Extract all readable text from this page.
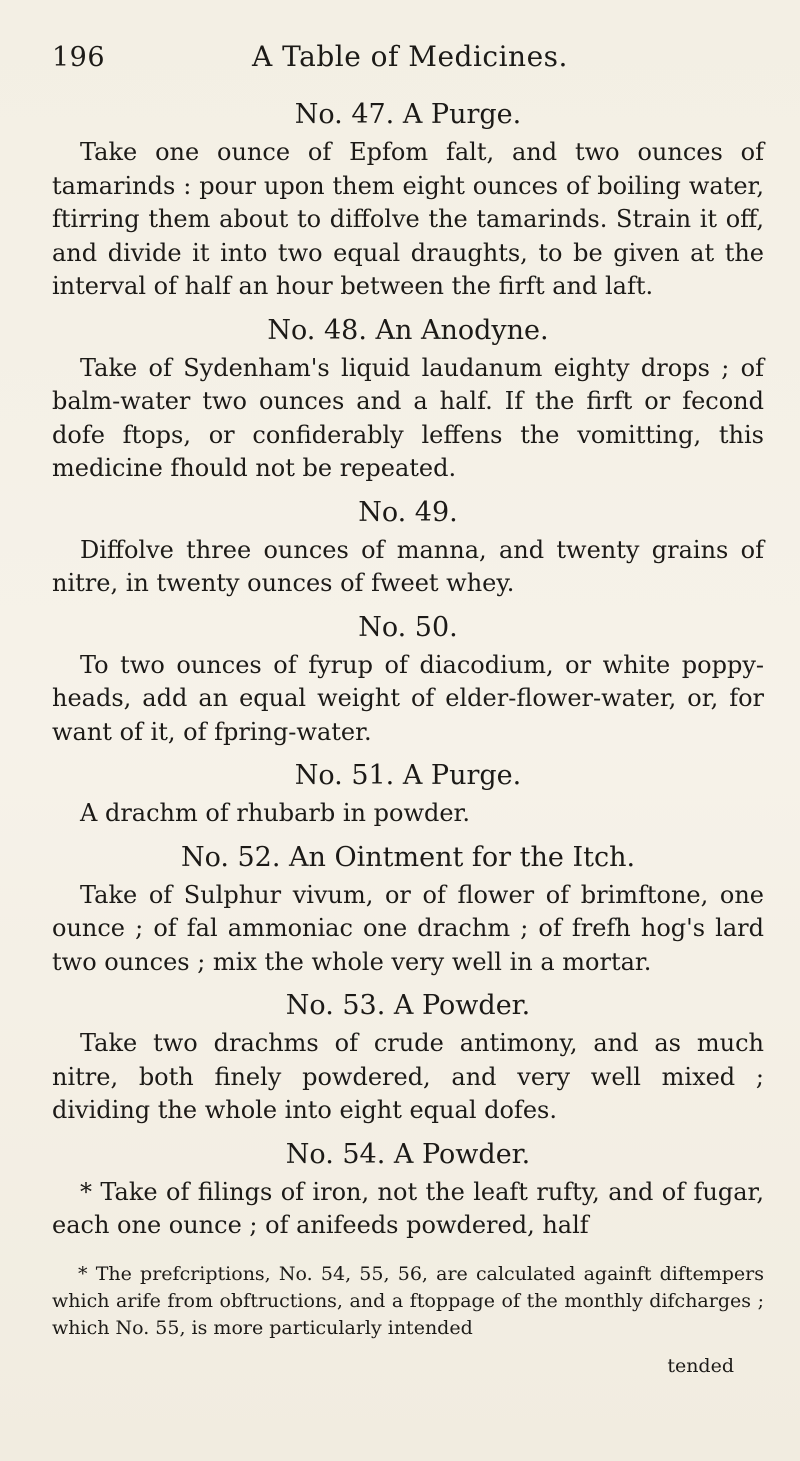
196	A Table of Medicines.

No. 47. A Purge.

Take one ounce of Epfom falt, and two ounces of tamarinds : pour upon them eight ounces of boiling water, ftirring them about to diffolve the tamarinds. Strain it off, and divide it into two equal draughts, to be given at the interval of half an hour between the firft and laft.

No. 48. An Anodyne.

Take of Sydenham's liquid laudanum eighty drops ; of balm-water two ounces and a half. If the firft or fecond dofe ftops, or confiderably leffens the vomitting, this medicine fhould not be repeated.

No. 49.

Diffolve three ounces of manna, and twenty grains of nitre, in twenty ounces of fweet whey.

No. 50.

To two ounces of fyrup of diacodium, or white poppy-heads, add an equal weight of elder-flower-water, or, for want of it, of fpring-water.

No. 51. A Purge.

A drachm of rhubarb in powder.

No. 52. An Ointment for the Itch.

Take of Sulphur vivum, or of flower of brimftone, one ounce ; of fal ammoniac one drachm ; of frefh hog's lard two ounces ; mix the whole very well in a mortar.

No. 53. A Powder.

Take two drachms of crude antimony, and as much nitre, both finely powdered, and very well mixed ; dividing the whole into eight equal dofes.

No. 54. A Powder.

* Take of filings of iron, not the leaft rufty, and of fugar, each one ounce ; of anifeeds powdered, half

* The prefcriptions, No. 54, 55, 56, are calculated againft diftempers which arife from obftructions, and a ftoppage of the monthly difcharges ; which No. 55, is more particularly intended

tended
